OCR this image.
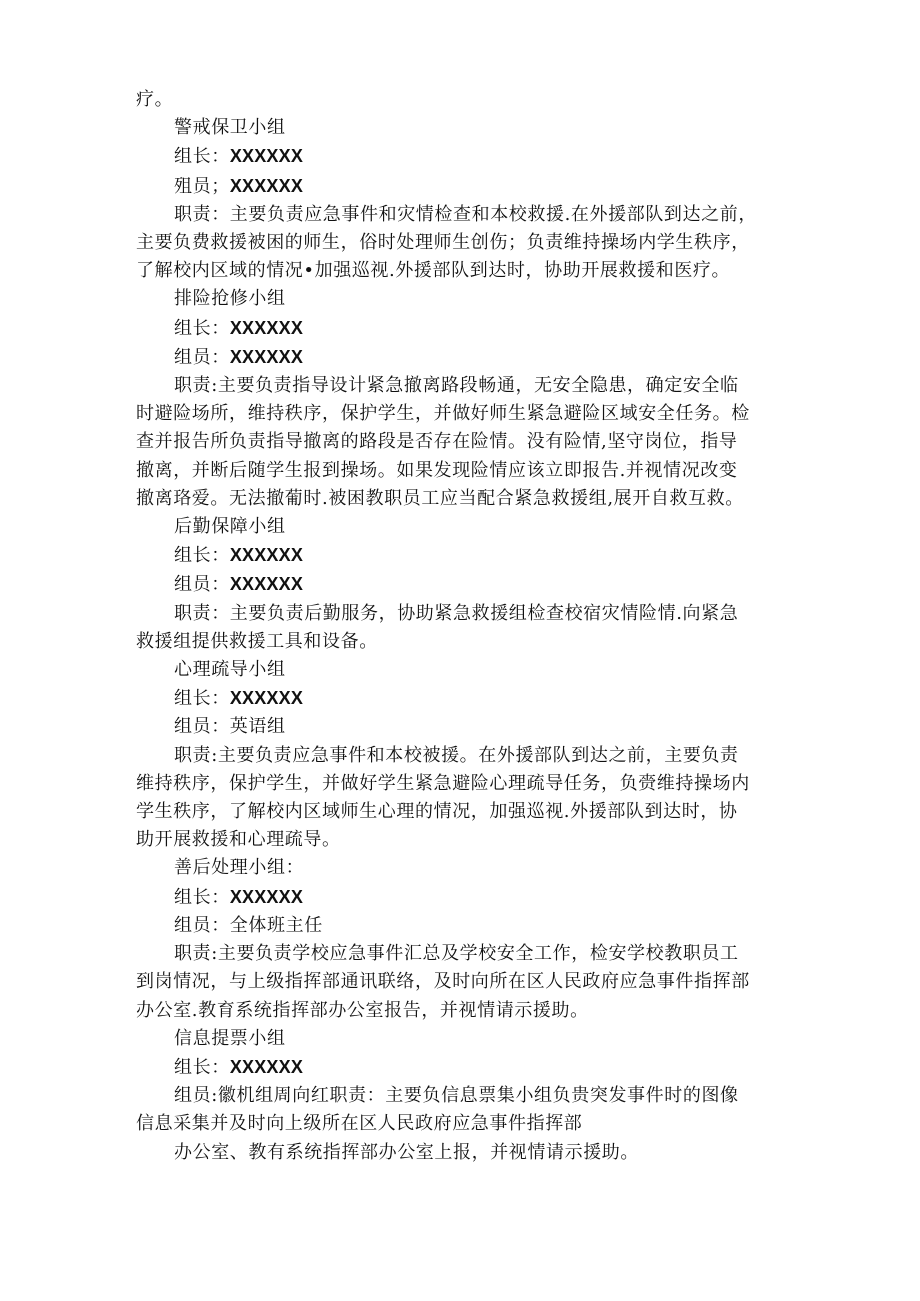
疗。
警戒保卫小组
组长：XXXXXX
殂员；XXXXXX
职责：主要负责应急事件和灾情检查和本校救援.在外援部队到达之前，
主要负费救援被困的师生，俗时处理师生创伤；负责维持操场内学生秩序，
了解校内区域的情况•加强巡视.外援部队到达时，协助开展救援和医疗。
排险抢修小组
组长：XXXXXX
组员：XXXXXX
职责:主要负责指导设计紧急撤离路段畅通，无安全隐患，确定安全临
时避险场所，维持秩序，保护学生，并做好师生紧急避险区域安全任务。检
查并报告所负责指导撤离的路段是否存在险情。没有险情,坚守岗位，指导
撤离，并断后随学生报到操场。如果发现险情应该立即报告.并视情况改变
撤离珞爱。无法撤葡时.被困教职员工应当配合紧急救援组,展开自救互救。
后勤保障小组
组长：XXXXXX
组员：XXXXXX
职责：主要负责后勤服务，协助紧急救援组检查校宿灾情险情.向紧急
救援组提供救援工具和设备。
心理疏导小组
组长：XXXXXX
组员：英语组
职责:主要负责应急事件和本校被援。在外援部队到达之前，主要负责
维持秩序，保护学生，并做好学生紧急避险心理疏导任务，负赍维持操场内
学生秩序，了解校内区域师生心理的情况，加强巡视.外援部队到达时，协
助开展救援和心理疏导。
善后处理小组：
组长：XXXXXX
组员：全体班主任
职责:主要负责学校应急事件汇总及学校安全工作，检安学校教职员工
到岗情况，与上级指挥部通讯联络，及时向所在区人民政府应急事件指挥部
办公室.教育系统指挥部办公室报告，并视情请示援助。
信息提票小组
组长：XXXXXX
组员:徽机组周向红职责：主要负信息票集小组负贵突发事件时的图像
信息采集并及时向上级所在区人民政府应急事件指挥部
办公室、教有系统指挥部办公室上报，并视情请示援助。
